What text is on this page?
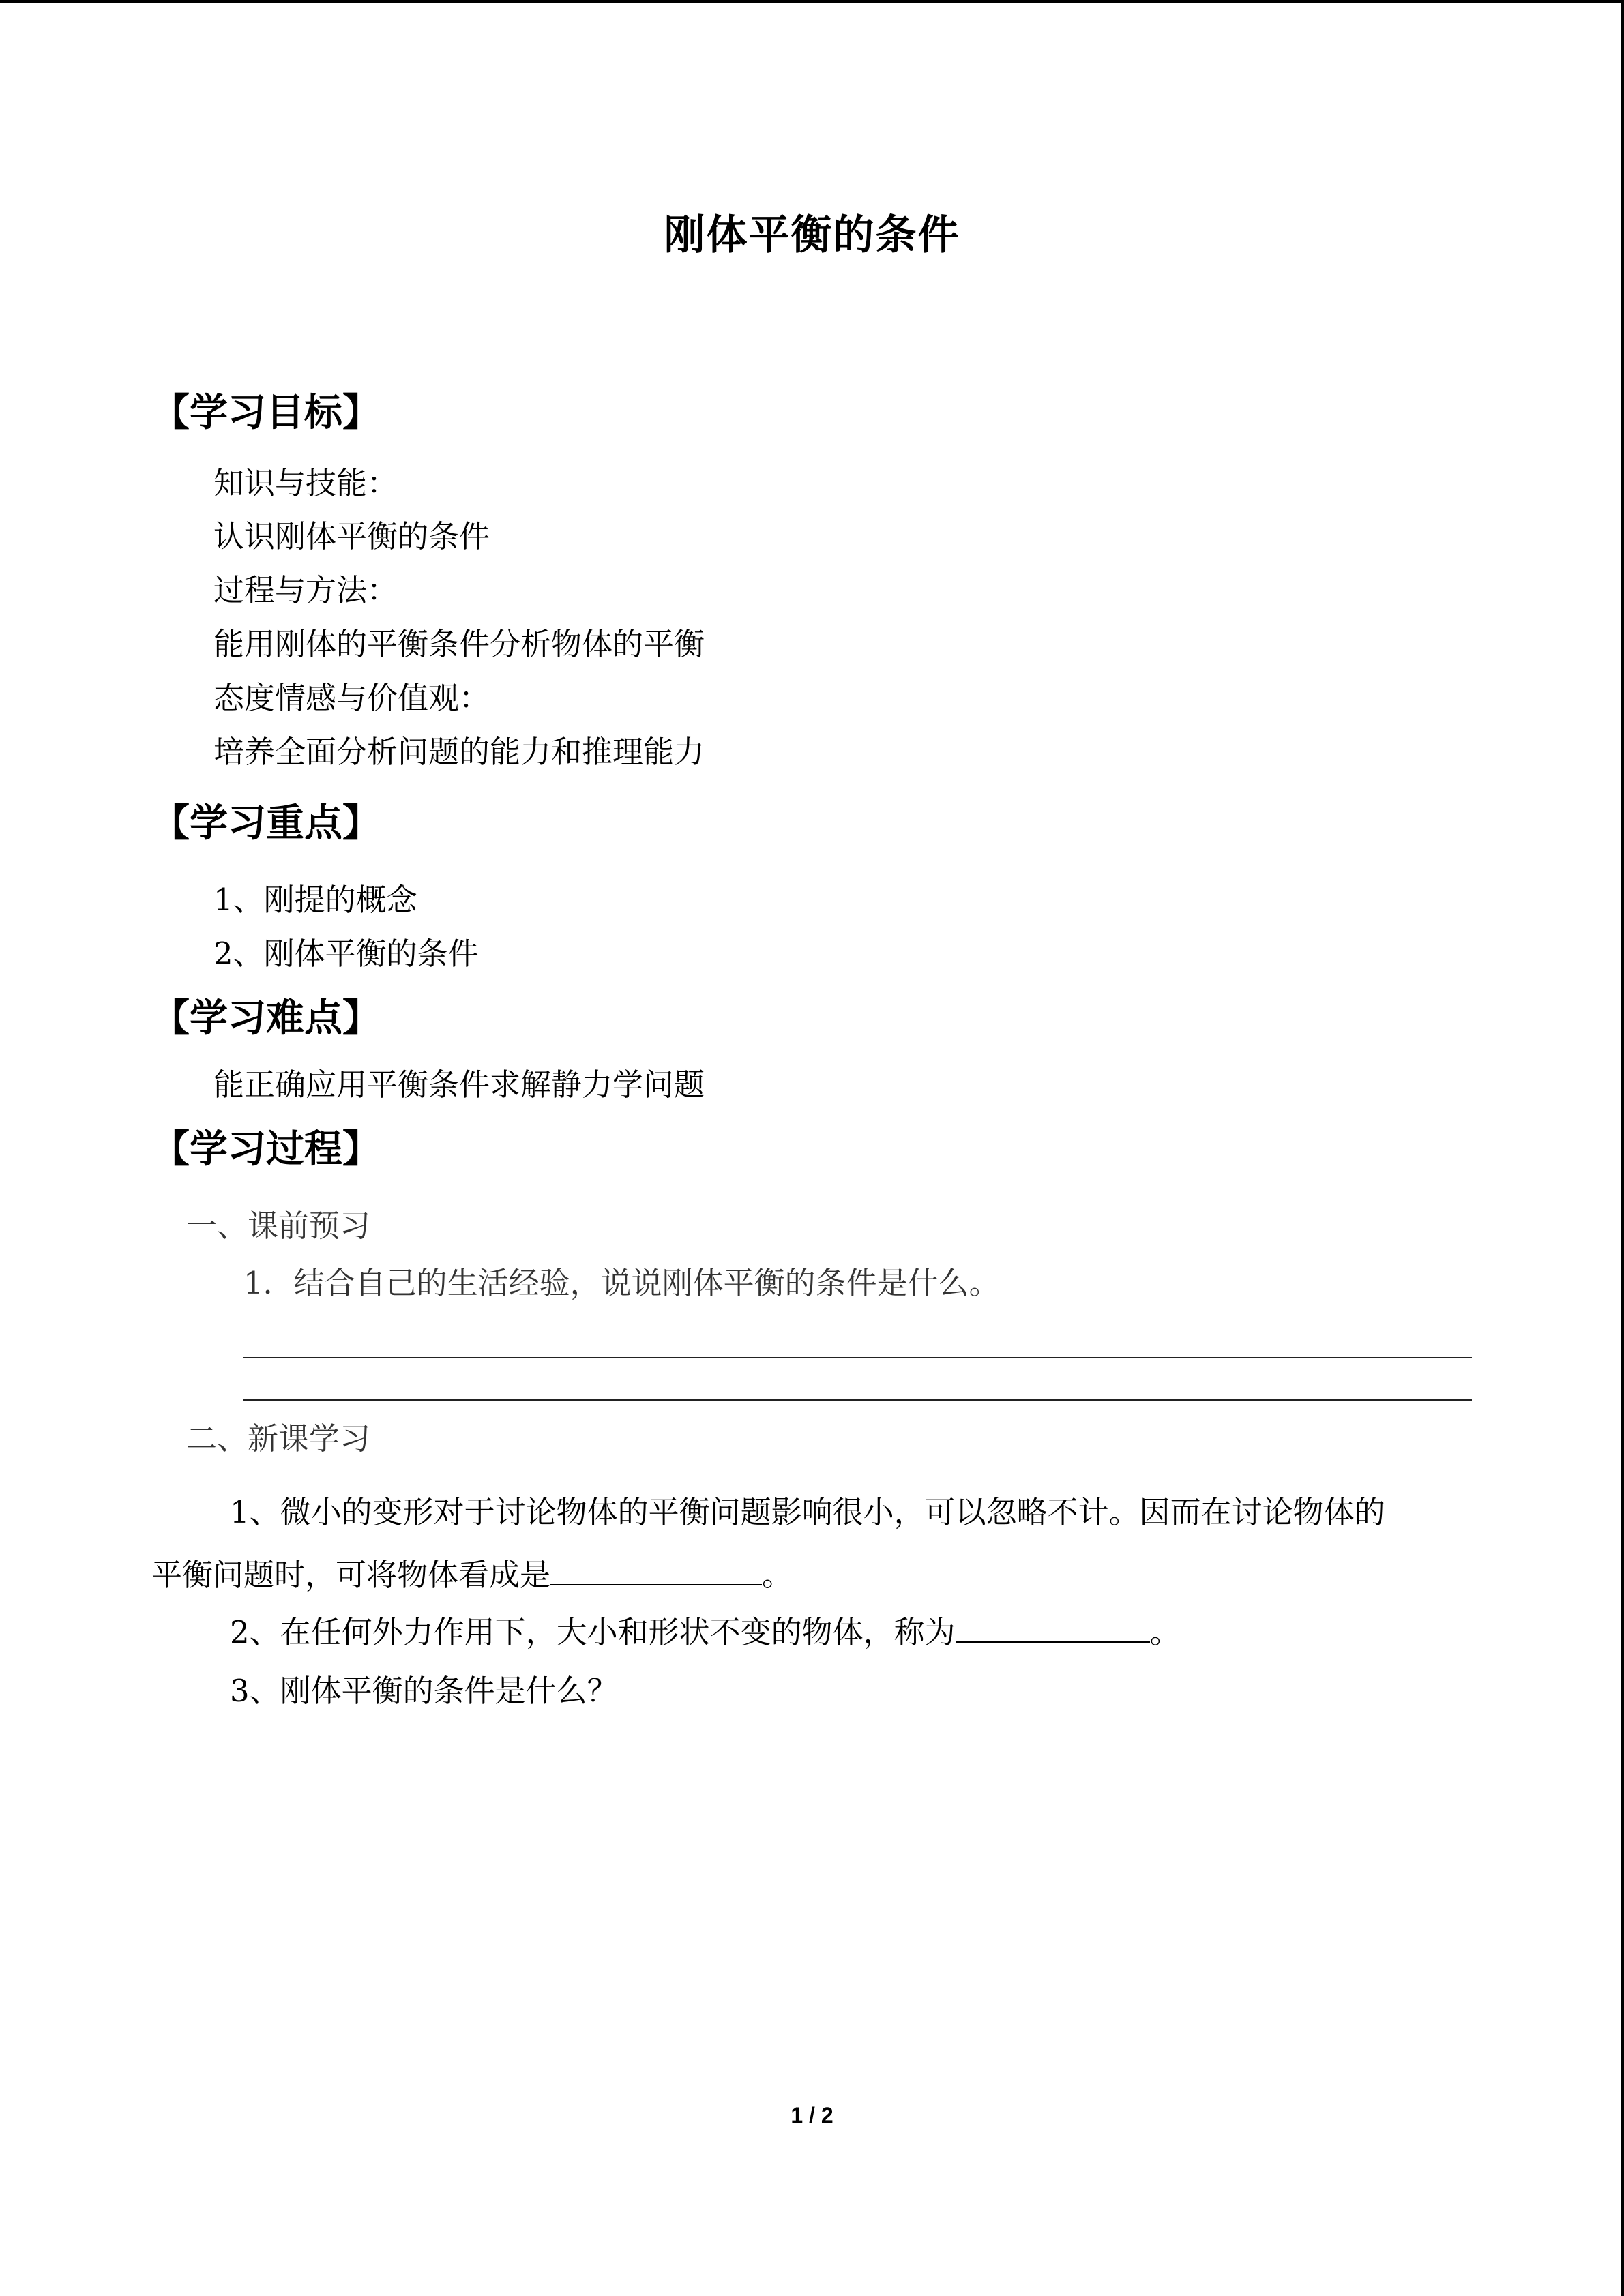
刚体平衡的条件
【学习目标】
知识与技能：
认识刚体平衡的条件
过程与方法：
能用刚体的平衡条件分析物体的平衡
态度情感与价值观：
培养全面分析问题的能力和推理能力
【学习重点】
1、刚提的概念
2、刚体平衡的条件
【学习难点】
能正确应用平衡条件求解静力学问题
【学习过程】
一、课前预习
1．结合自己的生活经验，说说刚体平衡的条件是什么。
二、新课学习
1、微小的变形对于讨论物体的平衡问题影响很小，可以忽略不计。因而在讨论物体的
平衡问题时，可将物体看成是	。
2、在任何外力作用下，大小和形状不变的物体，称为	。
3、刚体平衡的条件是什么？
1 / 2
